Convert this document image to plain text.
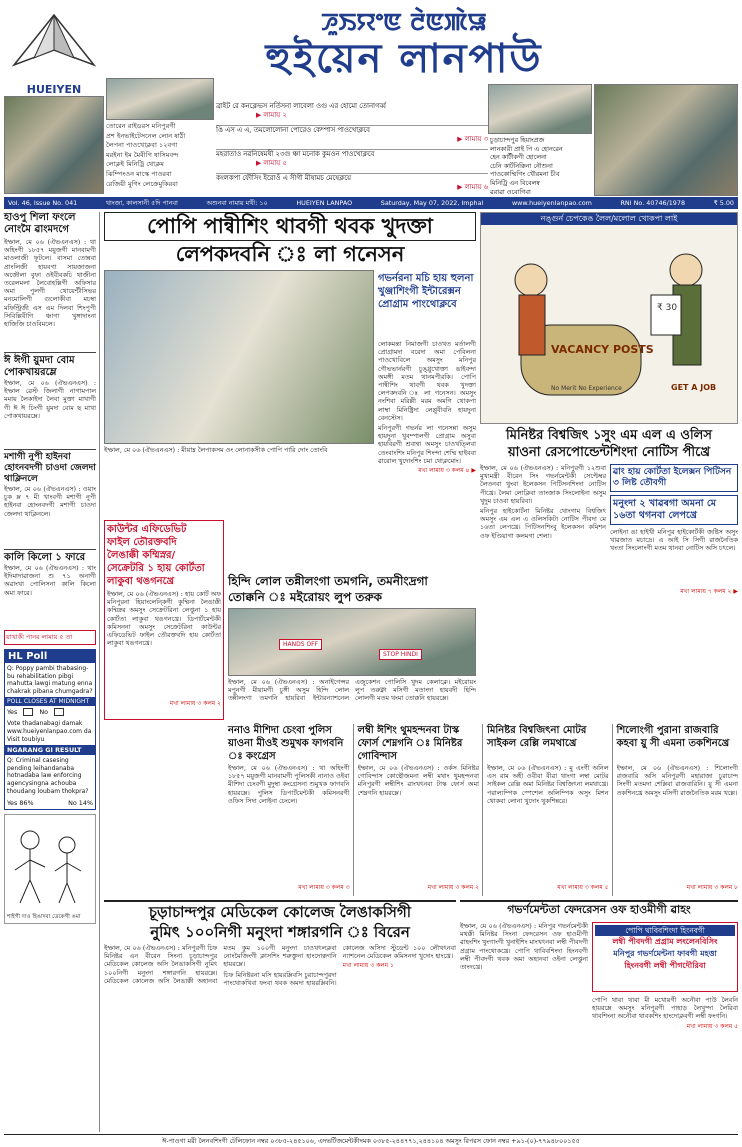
HUEIYEN
ꯍꯨꯏꯌꯦꯟ ꯂꯥꯟꯄꯥꯎ
হুইয়েন লানপাউ
তোরেন রাইডরস মনিপুরগী
প্রশ ইনভাইটেসনেল লোন ষাঠী
লৈপনা পাওখোক্লবা ১২বগা
মরইনা ইম মৈবীগি ষাসিমবন্দ
লোক্লই মিনিট্রি থোক্লম
ঝিম্পিংওন মাস্কে পাওরবা
রেজিয়ী মুগিং লেক্রেমুকিরবা
ব্রাইট রে কনক্লেভস নর্তিসনা লাবেলা ওগু এর হোমো তোনাগৰ্ব্ব
▶ লামায় ২
ঙি এস এ এ, তমলোলোনা পোরেও কেম্পাস পাওখোক্লবে
▶ লামায় ৩
মহরাতাও নৱনিষেমষী ২৩গু ঞ্চা মনোক কুমওন পাওখোক্লবে
▶ লামায় ৫
কংলকপা ফৌসিং ইরোওঁ এ সীগী মীষামচ মেষেক্লয়ে
▶ লামায় ৬
চুড়াচান্দপুর হিয়াংপ্রজ
লানকারী প্রাই পি এ হোনরেন
হেন কাৰ্টীকগী হোলেনা
চেনি কাৰ্টনিক্কিনা নৌশুনা
পাওকোম্মিগিং খৌরমনা চীব
মিনিট্রি এন বিবেলষ্ব
ৱরাৱা ওবোগিবা
Vol. 46, Issue No. 041	থাংজা, কালসানী ৫দি পানবা	অশুনবা নামায় মখী: ১০	HUEIYEN LANPAO	Saturday, May 07, 2022, Imphal	www.hueiyenlanpao.com	RNI No. 40746/1978	₹ 5.00
হাওপু শিলা ফংলে নোংমৈ ৱাংমদগে
ইম্ফাল, মে ০৬ (ঐভএনএস) : থা অহিংগী ১৮৫৭ ময়ুজগী মানবামগী মাওলাজী ফূটলে। বাসমা তোন্নবা প্রাংলিজী হায়বগা সায়জাজনা অজৌলা বুফা ওইবীবকচি থাজীনা তরেলমলা লৈবোহল্লিগী অফিসার অমা পুলগী থোয়েন্টীসিভর মনমোলিগী গুলোকীবা মচম্বা মফিন্ট্রিজী এস এম দিলবা শিংপুপী সিবিল্লিবীগি ঞ্চাগা খুঙ্গাদাংনা হাজিজি চাওবিমলে।
ঈ ঈগী য়ুমদা বোম পোকখায়রম্লে
ইম্ফাল, মে ০৬ (ঐভএনএস) : ইম্ফাল ৱেস্ট জিলাগী নাগামপাল মমায় লৈকাইদা লৈবা মুক্তা মাখাগী গী ঈ ঈ চিংগী য়ুমদা বোম ছ মাখা পোকখায়রম্লে।
মশাগী নুপী হাইনবা হোংনবদগী চাওদা জেলদা থাক্লিনলে
ইম্ফাল, মে ০৬ (ঐভএনএস) : ওয়াং চুক ম্ল ৭ মী খাংবগী মশাগী নুপী হাইনবা হোংনবদগী মশাগী চাওদা জেলদা থাক্লিনলে।
কালি কিলো ১ ফারে
ইম্ফাল, মে ০৬ (ঐভএনএস) : থাং ইদিমাদাৱাজনা শু ৭১ অনাগী অৱাংখা পোলিসনা কালি কিলো অমা ফারে।
য়াখাকী পানর লামায় ৫ তা
HL Poll
Q: Poppy pambi thabasing-bu rehabilitation pibgi mahutta lawgi matung enna chakrak pibana chumgadra?
POLL CLOSES AT MIDNIGHT
Yes	No
Vote thadanabagi damak www.hueiyenlanpao.com da Visit toubiyu
NGARANG GI RESULT
Q: Criminal casesing pending leihandanaba hotnadaba law enforcing agencysingna achouba thoudang loubam thokpra?
Yes 86%	No 14%
শাইগী দাও হিঙাদবা ডেকেগী ঙমা
পোপি পান্বীশিং থাবগী থবক খুদক্তা
লেপকদবনি ঃ লা গনেসন
গভর্নরনা মচি হায় হুলনা খুঞ্জাশিংগী ইন্টারেক্সন প্রোগ্রাম পাংথোক্লবে

লোকমন্তা নিমাজগী চাওখত মর্তালগী প্রোগ্রামদা বরেদা অমা পেবিলনা পাওখোবিলে অমসুং মনিপুর গৌভভার্নরগী চুঙ্গ্লুখোক্তা ঙাইবন্দা অমঙ্গী মতম থানমপীরকি। পোপি পান্বীশিং থাবগী থবক খুদক্তা লেপকদবনি ঃ লা গনেসন। অমসুং নংশিবা মরিল্লী মরম অমগি থোকপা লাম্বা মিনিষ্ট্রিদা লেপ্লুবীবনি হায়দুনা বেনস্টেস।

মনিপুরগী গভর্নর লা গনেসন্না অসুম হায়দুনা খুবম্পালগী প্রোগ্রাম অসুবা হায়বিরগী শ্রবান্বা অমসুং চাওখত্লিবা তেংবাংশিং মনিপুর শিংন্দা শেম্মি হাইববা ৱারোল খুদোংশিং চমা থোক্লমোং।

মখা লামায় ৩ কলম ৪ ▶

ইম্ফাল, মে ০৬ (ঐভএনএস) : মীয়াম্ন লৈপাকসম ওং লোনাকসীক পোপি পারি দোং তোংবি
নঙ্গুৰ্ন চেপকেঙ লৈল/মলোল খোকপা লাই
VACANCY POSTS
GET A JOB
No Merit No Experience
₹ 30
মিনিষ্টর বিশ্বজিৎ ১সুং এম এল এ ওলিস
য়াওনা রেসপোন্ডেন্টশিংদা নোটিস পীখ্রে

ইম্ফাল, মে ০৬ (ঐভএনএস) : মনিপুরগী ১২শুবা মুখ্যমন্ত্রী বীরেন সিং গভর্নমেন্টকী সেপ্টেম্বর লৈতনবা থুংবা ইলেকসন পিটিসনশিংদা নোটিস পীখ্রে। লৈমা লোক্লিবা তাংজাক সিংলোইনা অসুম খুদুম চাওবা হায়রিবা।

মনিপুর হাইকোর্টনা মিনিষ্টর থোংগাম বিশ্বজিৎ অমসুং এম এল এ ওলিসকিটা নোটিস পীবদা মে ১৬তা লেপখ্রে। পিটিসনশিংবু ইলেকসন কমিশন ওফ ইণ্ডিয়াগা কলমগা শেলা।

ৱাং হায় কোর্টতা ইলেক্সন পিটিসন ৩ লিষ্ট তৌবগী
মনুংদা ২ খাৱৰগা অমনা মে ১৬তা থগনবা লেপখ্রে
লোইনা ঙা হাইখী মনিপুর হাইকোর্টকী জষ্টিস অসুং খাৱজাত মচাদ্রে। এ আই সি সিগী রাজনৈতিক খংতা সিংলোংগী মতম থানবা নোটিস অসি চৎলে।
মখা লামায় ৭ কলম ২ ▶
কাউন্টর এফিডেভিট
ফাইল তৌরক্তবদি
লৈঙাক্কী কম্মিস্নর/
সেক্রেটরি ১ হায় কোর্টতা
লাকুবা থঙগনখ্রে
ইম্ফাল, মে ০৬ (ঐভএনএস) : হায় কোর্ট অফ মনিপুরনা হিয়াংলেন্কিগী কুম্মিনা লৈঙাক্কী কম্মিস্নর অমসুং সেক্রেটরিনা লেপ্তুনা ১ হায় কোর্টতা লাকুবা থঙগনখ্রে। ডিপার্টমেন্টকী কমিসননা অমসুং সেক্রেটরিনা কাউন্টর এফিডেভিট ফাইল তৌরক্তবদি হায় কোর্টতা লাকুবা থঙগনখ্রে।
মখা লামায় ৩ কলম ২
হিন্দি লোল তন্নীলংগা তমগনি, তমনীংদ্রগা
তোক্কনি ঃ মইরোয়ং লুপ তরুক
HANDS OFF
STOP HINDI
ইম্ফাল, মে ০৬ (ঐভএনএস) : অনাইগেন্সর মপুনগী মীয়ামগী চুঙ্গী অসুম হিন্দি লোল তন্নীলংগা তমগনি হায়রিবা ইন্টারন্যাশনেল এজুকেশন পোলিসি খুদম কেলাক্লে। মইরোয়ং লুপ তরুক্না মসিগী মতাংদা হায়বদী হিন্দি লোলগী মতম থংমা তোক্কনি হায়রম্লে।
ননাও মীশিদা চেংবা পুলিস য়াওনা মীওই শুমুখক ফাগবনি ঃ কংগ্রেস
ইম্ফাল, মে ০৬ (ঐভএনএস) : থা অহিংগী ১৮৫৭ ময়ুজগী মানবামগী পুলিসকী নানাও ওইবা মীশিদা চেংবগী মুদুম্বা কংগ্রেসনা শুমুখক ফাগবনি হায়রম্লে। পুলিস ডিপার্টমেন্টকী কমিসনরগী ওফিস সিদা লোইনা চেংলে।
মখা লামায় ৩ কলম ৩
লম্বী ঈশিং থুমহন্দনবা টাস্ক ফোর্স শেম্নগনি ঃ মিনিষ্টর গোবিন্দাস
ইম্ফাল, মে ০৬ (ঐভএনএস) : ওর্কস মিনিষ্টর গোবিন্দাস কোন্থৌজমনা লম্বী মথাং থুমহন্দনবা মনিপুরগী লম্বীশিং ৱাংখৎনবা টাস্ক ফোর্স অমা শেম্নগনি হায়রম্লে।
মখা লামায় ৩ কলম ২
মিনিষ্টর বিশ্বজিৎনা মোটর সাইকল রেল্লি লমথাখ্রে
ইম্ফাল, মে ০৬ (ঐভএনএস) : মু এংগী অনিল এস রাম অহী ওবীবা বীৱা থাংগা লম্বা মোটর সাইকল রেল্লি অমা মিনিষ্টর বিশ্বজিৎনা লমথাখ্রে। পরাল্যম্পিক স্পেশেল অলিম্পিক অসুং মিশন থোকবা লোনা খুদোং থুকশিন্নরে।
মখা লামায় ৩ কলম ৫
শিলোংগী পুরানা রাজবারি কহবা য়ু সী এমনা তকশিনখ্রে
ইম্ফাল, মে ০৬ (ঐভএনএস) : শিলোংগী রাজবারি অসি মনিপুরগী মহারাজা চুরাচান্দ সিংগী মতমদা শেম্লিবা রাজবারিনি। য়ু সী এমনা তকশিনখ্রে অমসুং মসিগী রাজনৈতিক মরম খল্লে।
মখা লামায় ৩ কলম ৮
চূড়াচান্দপুর মেডিকেল কোলেজ লৈঙাকসিগী
নুমিৎ ১০০নিগী মনুংদা শঙ্গারগনি ঃ বিরেন

ইম্ফাল, মে ০৬ (ঐভএনএস) : মনিপুরগী চিফ মিনিষ্টর এন বীরেন সিংনা চূড়াচান্দপুর মেডিকেল কোলেজ অসি লৈঙাকসিগী নুমিৎ ১০০নিগী মনুংদা শঙ্গারগনি হায়রম্লে। মেডিকেল কোলেজ অসি লৈঙাক্কী অহানবা মতম কুম ১০০গী মনুংদা চাওখৎলক্লবা নোংমৈজিংগী ক্লাসশিং শরুক্তুনা হাংদোক্কগনি হায়রম্লে।

চিফ মিনিষ্টরনা মসি হায়রম্লিবসি চুরাচান্দপুরদা পাংথোকখিবা ফংবা থবক অমদা হায়রম্লিবনি। কোলেজ অসিদা স্টুডেন্ট ১০০ লৌখৎনবা ন্যাশনেল মেডিকেল কমিসনদা খুদোং হাংখ্রে।

মখা লামায় ৩ কলম ১

গভর্ণমেন্টতা ফেদরেসন ওফ হাওমীগী ৱাহং

ইম্ফাল, মে ০৬ (ঐভএনএস) : মনিপুর গভর্নমেন্টকী মথক্কী মিনিষ্টর সিংনা ফেদরেসন ওফ হাওমীগী ৱাহংশিং খুংগাংগী খুনাইশিং মাংখৎনবা লম্বী পীবদগী প্রগ্রাম পাংথোকখ্রে। পোপি থাবিবশিংদা হিংনবগী লম্বী পীবদগী থবক অমা অহানবা ওইনা লেপ্তুনা তাংদখ্রে।

পোপি থাবিবশিংদা হিংনবগী
লম্বী পীবদগী প্রগ্রাম লংলেনবিসিং
মনিপুর গভর্ণমেন্টনা ফাবগী মহত্তা
হিংনবগী লম্বী পীগদৌরিবা

পোপি থাবা থাবা মী মখোয়গী অনৌবা পাউ লৈবনি হায়রম্লে অমসুং মনিপুরগী পাহাড় লৈখুম্দা লৈরিবা থাবশিংনা অনৌবা থাবকশিং হাংদোক্লবগী লম্বী ফংগনি।

মখা লামায় ৩ কলম ৫

ঈ-পাওগা মরী লৈনবশিংগী টেলিফোন নম্বর ০৩৮৫-২৪৫১০৬, এদভর্টিজমেন্টকীদমক ০৩৮৫-২৪৪৭৭১,২৪৪১০৪ অমসুং রিপরস ফোন নম্বর +৯১-(০)-৭৭৯৪৮০০১৫৫
